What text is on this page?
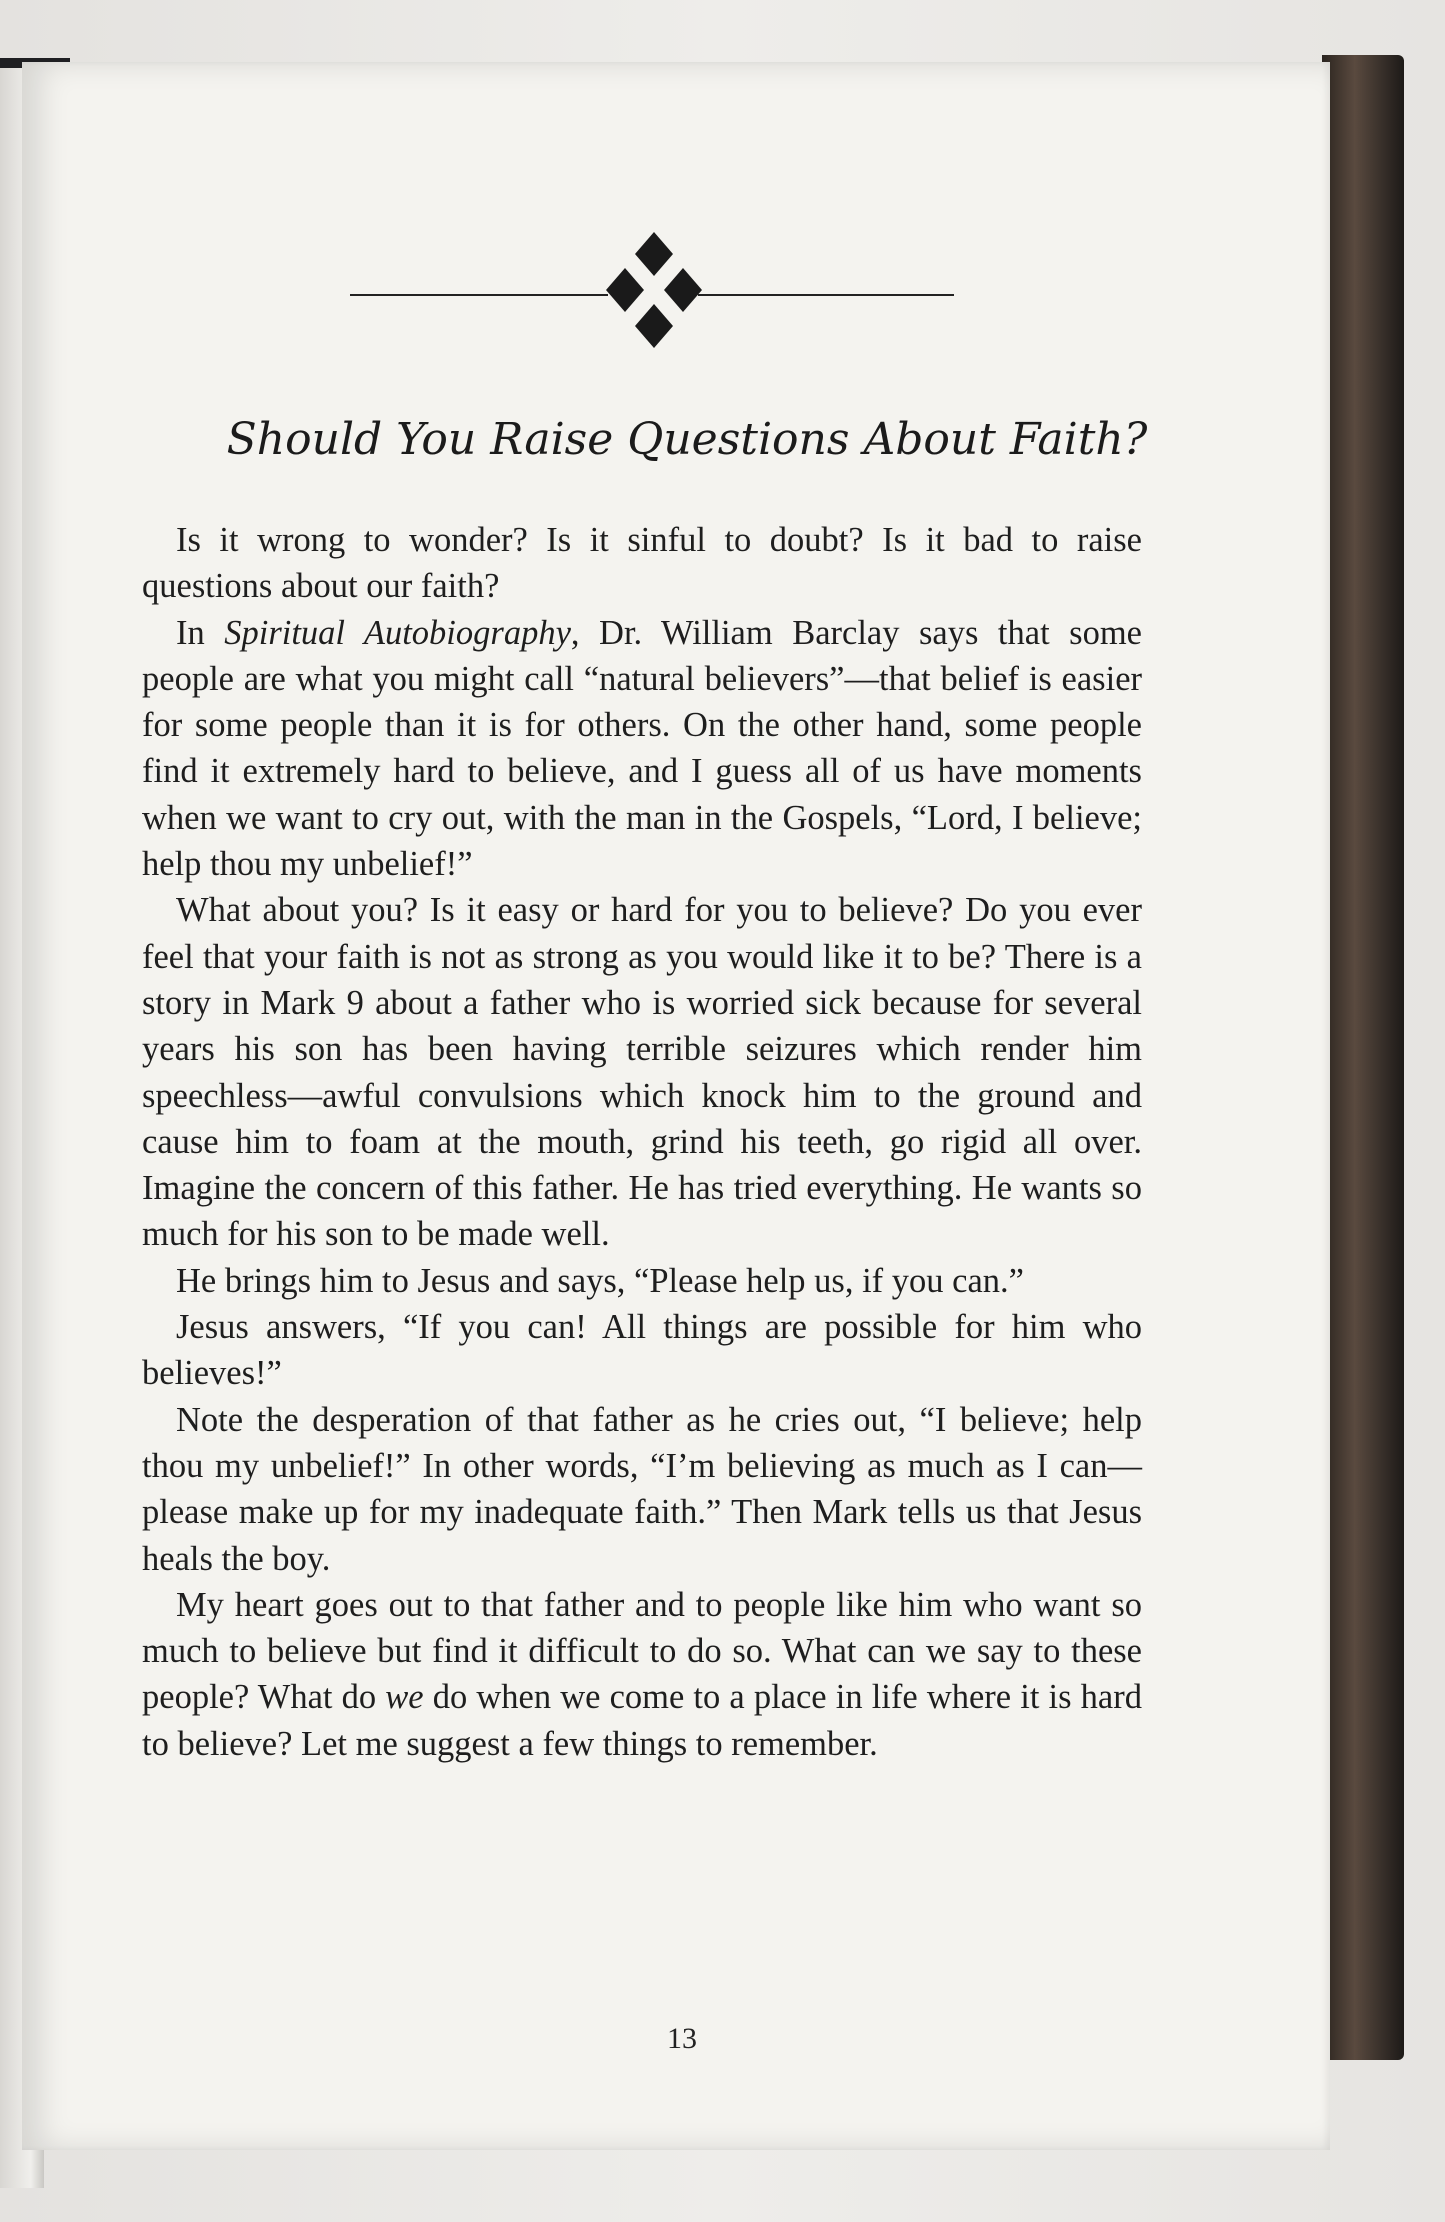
Should You Raise Questions About Faith?

Is it wrong to wonder? Is it sinful to doubt? Is it bad to raise questions about our faith?

In Spiritual Autobiography, Dr. William Barclay says that some people are what you might call “natural believers”—that belief is easier for some people than it is for others. On the other hand, some people find it extremely hard to believe, and I guess all of us have moments when we want to cry out, with the man in the Gospels, “Lord, I believe; help thou my unbelief!”

What about you? Is it easy or hard for you to believe? Do you ever feel that your faith is not as strong as you would like it to be? There is a story in Mark 9 about a father who is worried sick because for several years his son has been having terrible seizures which render him speechless—awful convulsions which knock him to the ground and cause him to foam at the mouth, grind his teeth, go rigid all over. Imagine the concern of this father. He has tried everything. He wants so much for his son to be made well.

He brings him to Jesus and says, “Please help us, if you can.”

Jesus answers, “If you can! All things are possible for him who believes!”

Note the desperation of that father as he cries out, “I believe; help thou my unbelief!” In other words, “I’m believing as much as I can—please make up for my inadequate faith.” Then Mark tells us that Jesus heals the boy.

My heart goes out to that father and to people like him who want so much to believe but find it difficult to do so. What can we say to these people? What do we do when we come to a place in life where it is hard to believe? Let me suggest a few things to remember.

13
